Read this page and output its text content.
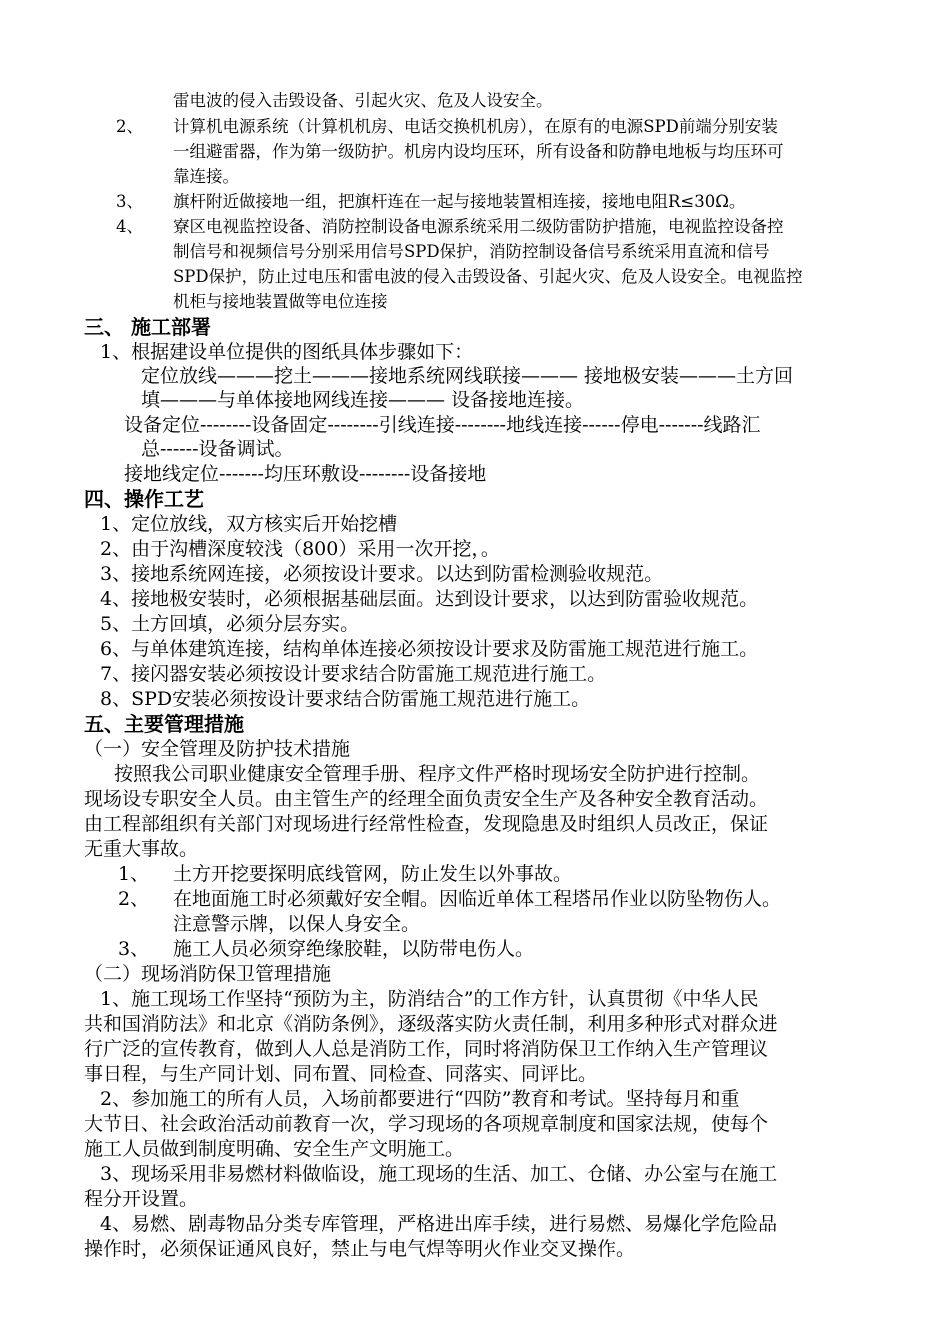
雷电波的侵入击毁设备、引起火灾、危及人设安全。
2、 计算机电源系统（计算机机房、电话交换机机房），在原有的电源SPD前端分别安装
一组避雷器，作为第一级防护。机房内设均压环，所有设备和防静电地板与均压环可
靠连接。
3、 旗杆附近做接地一组，把旗杆连在一起与接地装置相连接，接地电阻R≤30Ω。
4、 寮区电视监控设备、消防控制设备电源系统采用二级防雷防护措施，电视监控设备控
制信号和视频信号分别采用信号SPD保护，消防控制设备信号系统采用直流和信号
SPD保护，防止过电压和雷电波的侵入击毁设备、引起火灾、危及人设安全。电视监控
机柜与接地装置做等电位连接
三、 施工部署
1、根据建设单位提供的图纸具体步骤如下：
定位放线———挖土———接地系统网线联接——— 接地极安装———土方回
填———与单体接地网线连接——— 设备接地连接。
设备定位--------设备固定--------引线连接--------地线连接------停电-------线路汇
总------设备调试。
接地线定位-------均压环敷设--------设备接地
四、操作工艺
1、定位放线，双方核实后开始挖槽
2、由于沟槽深度较浅（800）采用一次开挖，。
3、接地系统网连接，必须按设计要求。以达到防雷检测验收规范。
4、接地极安装时，必须根据基础层面。达到设计要求，以达到防雷验收规范。
5、土方回填，必须分层夯实。
6、与单体建筑连接，结构单体连接必须按设计要求及防雷施工规范进行施工。
7、接闪器安装必须按设计要求结合防雷施工规范进行施工。
8、SPD安装必须按设计要求结合防雷施工规范进行施工。
五、主要管理措施
（一）安全管理及防护技术措施
按照我公司职业健康安全管理手册、程序文件严格时现场安全防护进行控制。
现场设专职安全人员。由主管生产的经理全面负责安全生产及各种安全教育活动。
由工程部组织有关部门对现场进行经常性检查，发现隐患及时组织人员改正，保证
无重大事故。
1、 土方开挖要探明底线管网，防止发生以外事故。
2、 在地面施工时必须戴好安全帽。因临近单体工程塔吊作业以防坠物伤人。
注意警示牌，以保人身安全。
3、 施工人员必须穿绝缘胶鞋，以防带电伤人。
（二）现场消防保卫管理措施
1、施工现场工作坚持“预防为主，防消结合”的工作方针，认真贯彻《中华人民
共和国消防法》和北京《消防条例》，逐级落实防火责任制，利用多种形式对群众进
行广泛的宣传教育，做到人人总是消防工作，同时将消防保卫工作纳入生产管理议
事日程，与生产同计划、同布置、同检查、同落实、同评比。
2、参加施工的所有人员，入场前都要进行“四防”教育和考试。坚持每月和重
大节日、社会政治活动前教育一次，学习现场的各项规章制度和国家法规，使每个
施工人员做到制度明确、安全生产文明施工。
3、现场采用非易燃材料做临设，施工现场的生活、加工、仓储、办公室与在施工
程分开设置。
4、易燃、剧毒物品分类专库管理，严格进出库手续，进行易燃、易爆化学危险品
操作时，必须保证通风良好，禁止与电气焊等明火作业交叉操作。
